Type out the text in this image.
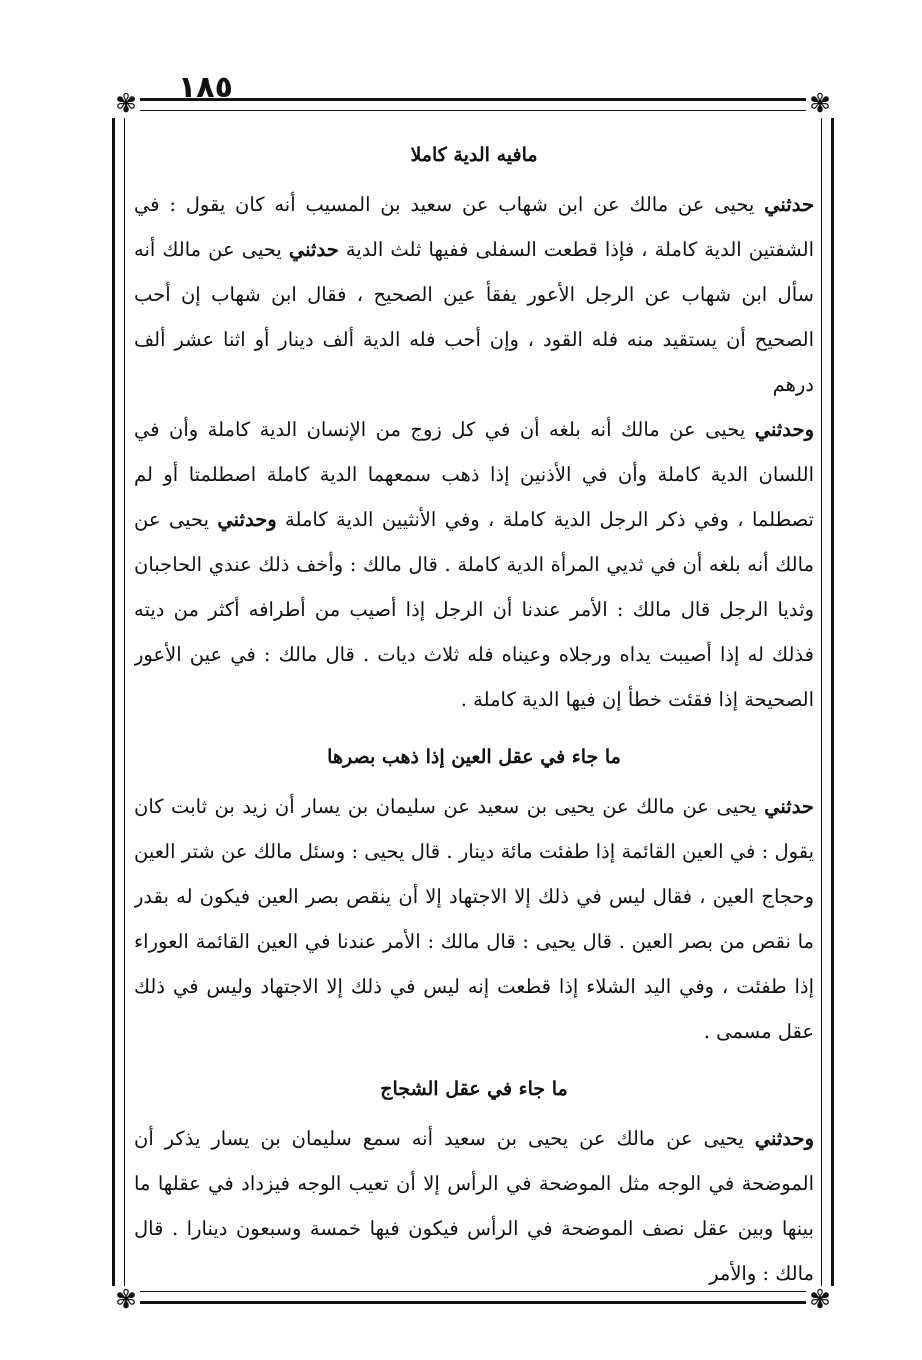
١٨٥
✾	✾
✾	✾
مافيه الدية كاملا

حدثني يحيى عن مالك عن ابن شهاب عن سعيد بن المسيب أنه كان يقول : في الشفتين الدية كاملة ، فإذا قطعت السفلى ففيها ثلث الدية حدثني يحيى عن مالك أنه سأل ابن شهاب عن الرجل الأعور يفقأ عين الصحيح ، فقال ابن شهاب إن أحب الصحيح أن يستقيد منه فله القود ، وإن أحب فله الدية ألف دينار أو اثنا عشر ألف درهم

وحدثني يحيى عن مالك أنه بلغه أن في كل زوج من الإنسان الدية كاملة وأن في اللسان الدية كاملة وأن في الأذنين إذا ذهب سمعهما الدية كاملة اصطلمتا أو لم تصطلما ، وفي ذكر الرجل الدية كاملة ، وفي الأنثيين الدية كاملة وحدثني يحيى عن مالك أنه بلغه أن في ثديي المرأة الدية كاملة . قال مالك : وأخف ذلك عندي الحاجبان وثديا الرجل قال مالك : الأمر عندنا أن الرجل إذا أصيب من أطرافه أكثر من ديته فذلك له إذا أصيبت يداه ورجلاه وعيناه فله ثلاث ديات . قال مالك : في عين الأعور الصحيحة إذا فقئت خطأ إن فيها الدية كاملة .

ما جاء في عقل العين إذا ذهب بصرها

حدثني يحيى عن مالك عن يحيى بن سعيد عن سليمان بن يسار أن زيد بن ثابت كان يقول : في العين القائمة إذا طفئت مائة دينار . قال يحيى : وسئل مالك عن شتر العين وحجاج العين ، فقال ليس في ذلك إلا الاجتهاد إلا أن ينقص بصر العين فيكون له بقدر ما نقص من بصر العين . قال يحيى : قال مالك : الأمر عندنا في العين القائمة العوراء إذا طفئت ، وفي اليد الشلاء إذا قطعت إنه ليس في ذلك إلا الاجتهاد وليس في ذلك عقل مسمى .

ما جاء في عقل الشجاج

وحدثني يحيى عن مالك عن يحيى بن سعيد أنه سمع سليمان بن يسار يذكر أن الموضحة في الوجه مثل الموضحة في الرأس إلا أن تعيب الوجه فيزداد في عقلها ما بينها وبين عقل نصف الموضحة في الرأس فيكون فيها خمسة وسبعون دينارا . قال مالك : والأمر
